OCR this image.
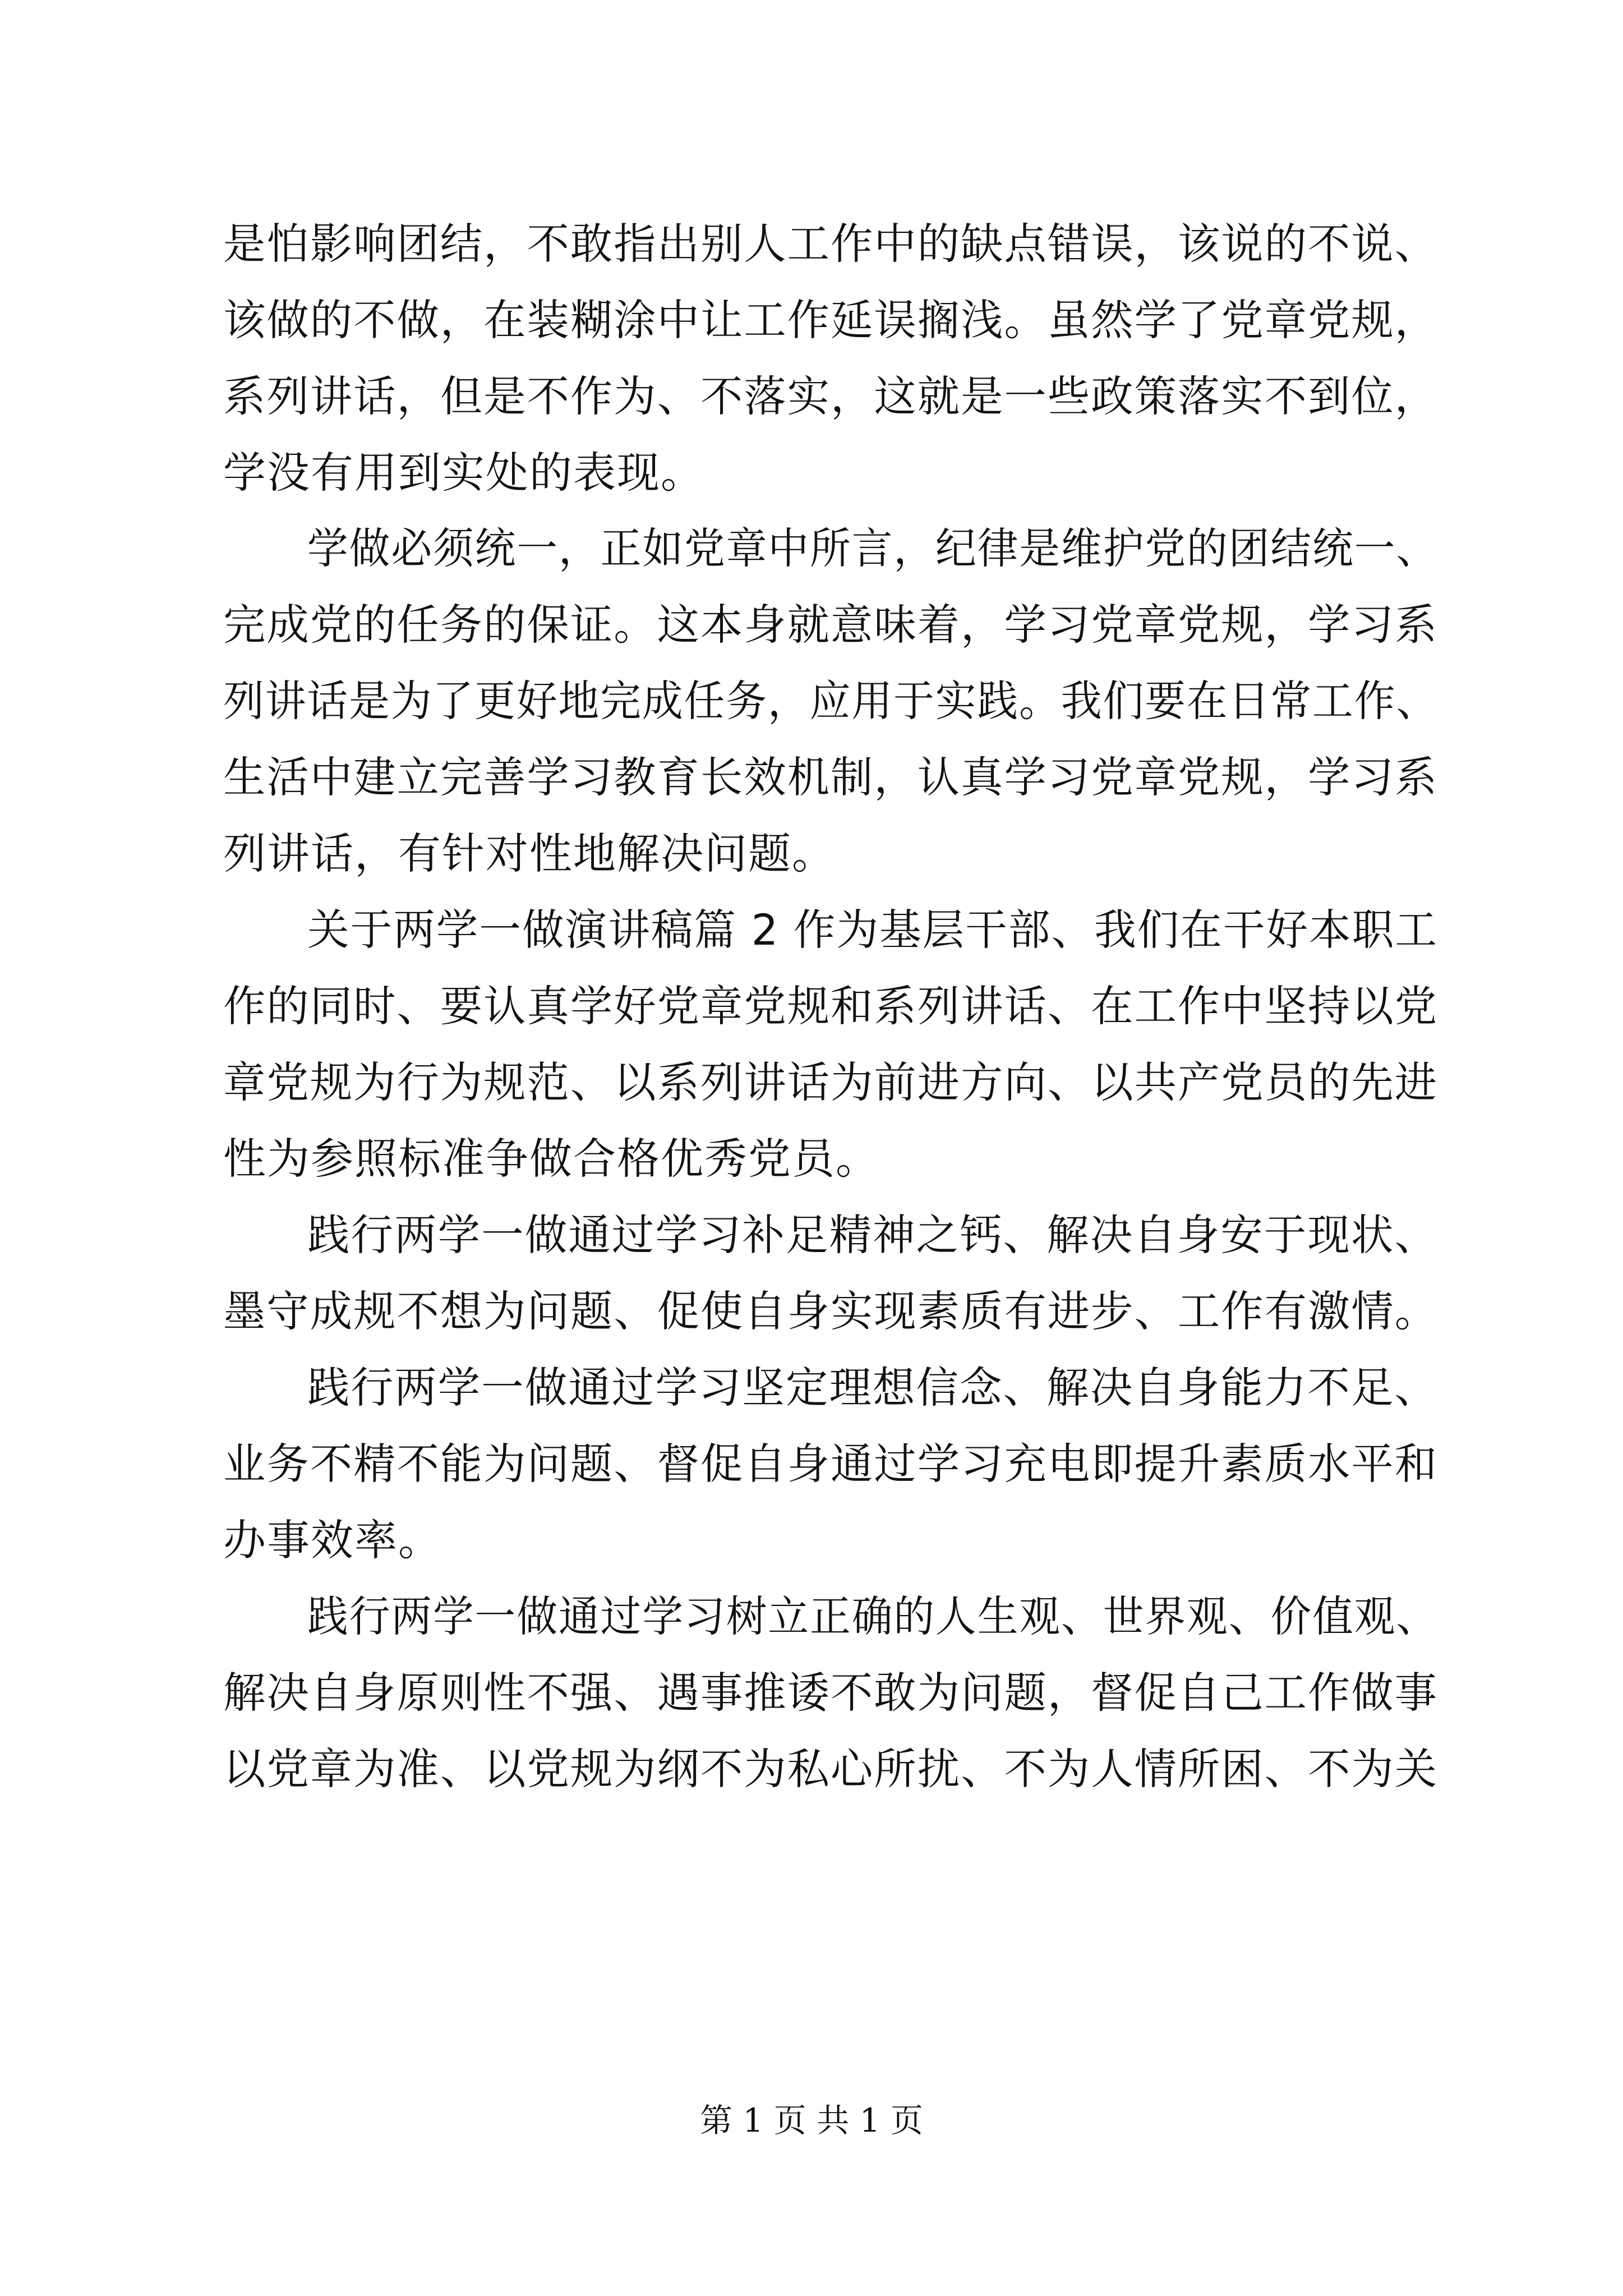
是怕影响团结，不敢指出别人工作中的缺点错误，该说的不说、
该做的不做，在装糊涂中让工作延误搁浅。虽然学了党章党规，
系列讲话，但是不作为、不落实，这就是一些政策落实不到位，
学没有用到实处的表现。
学做必须统一，正如党章中所言，纪律是维护党的团结统一、
完成党的任务的保证。这本身就意味着，学习党章党规，学习系
列讲话是为了更好地完成任务，应用于实践。我们要在日常工作、
生活中建立完善学习教育长效机制，认真学习党章党规，学习系
列讲话，有针对性地解决问题。
关于两学一做演讲稿篇 2 作为基层干部、我们在干好本职工
作的同时、要认真学好党章党规和系列讲话、在工作中坚持以党
章党规为行为规范、以系列讲话为前进方向、以共产党员的先进
性为参照标准争做合格优秀党员。
践行两学一做通过学习补足精神之钙、解决自身安于现状、
墨守成规不想为问题、促使自身实现素质有进步、工作有激情。
践行两学一做通过学习坚定理想信念、解决自身能力不足、
业务不精不能为问题、督促自身通过学习充电即提升素质水平和
办事效率。
践行两学一做通过学习树立正确的人生观、世界观、价值观、
解决自身原则性不强、遇事推诿不敢为问题，督促自己工作做事
以党章为准、以党规为纲不为私心所扰、不为人情所困、不为关
第 1 页 共 1 页
